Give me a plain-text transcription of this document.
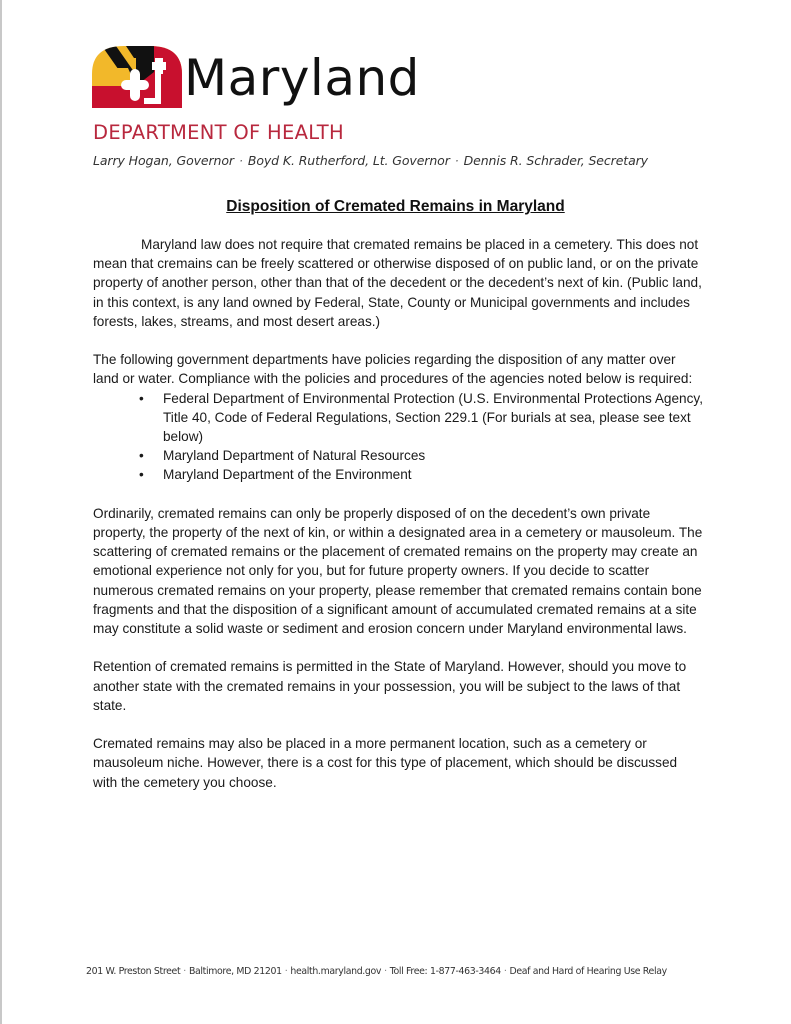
Maryland
DEPARTMENT OF HEALTH
Larry Hogan, Governor · Boyd K. Rutherford, Lt. Governor · Dennis R. Schrader, Secretary
Disposition of Cremated Remains in Maryland

Maryland law does not require that cremated remains be placed in a cemetery. This does not mean that cremains can be freely scattered or otherwise disposed of on public land, or on the private property of another person, other than that of the decedent or the decedent’s next of kin. (Public land, in this context, is any land owned by Federal, State, County or Municipal governments and includes forests, lakes, streams, and most desert areas.)

The following government departments have policies regarding the disposition of any matter over land or water. Compliance with the policies and procedures of the agencies noted below is required:

• Federal Department of Environmental Protection (U.S. Environmental Protections Agency, Title 40, Code of Federal Regulations, Section 229.1 (For burials at sea, please see text below)
• Maryland Department of Natural Resources
• Maryland Department of the Environment

Ordinarily, cremated remains can only be properly disposed of on the decedent’s own private property, the property of the next of kin, or within a designated area in a cemetery or mausoleum. The scattering of cremated remains or the placement of cremated remains on the property may create an emotional experience not only for you, but for future property owners. If you decide to scatter numerous cremated remains on your property, please remember that cremated remains contain bone fragments and that the disposition of a significant amount of accumulated cremated remains at a site may constitute a solid waste or sediment and erosion concern under Maryland environmental laws.

Retention of cremated remains is permitted in the State of Maryland. However, should you move to another state with the cremated remains in your possession, you will be subject to the laws of that state.

Cremated remains may also be placed in a more permanent location, such as a cemetery or mausoleum niche. However, there is a cost for this type of placement, which should be discussed with the cemetery you choose.

201 W. Preston Street · Baltimore, MD 21201 · health.maryland.gov · Toll Free: 1-877-463-3464 · Deaf and Hard of Hearing Use Relay
